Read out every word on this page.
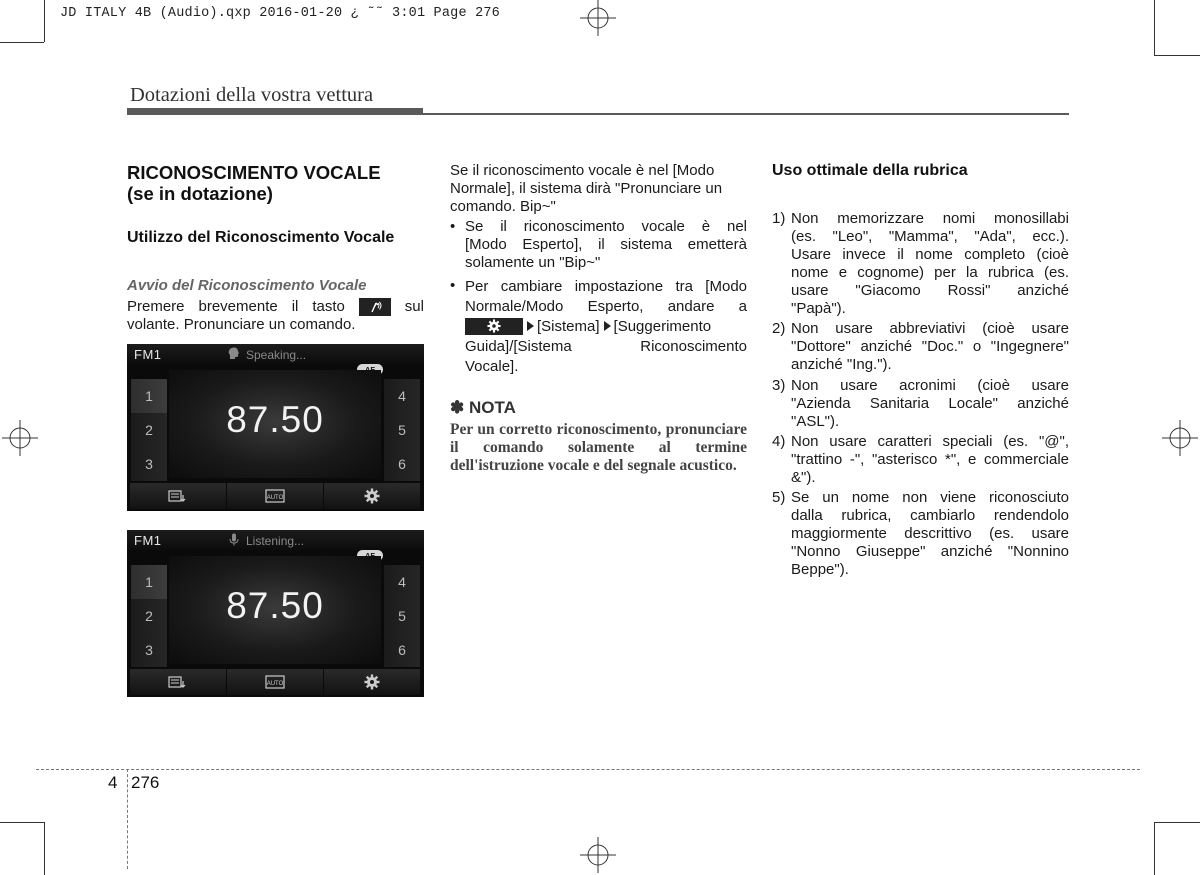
JD ITALY 4B (Audio).qxp 2016-01-20 ¿ ˜˜ 3:01 Page 276
Dotazioni della vostra vettura
RICONOSCIMENTO VOCALE
(se in dotazione)
Utilizzo del Riconoscimento Vocale
Avvio del Riconoscimento Vocale
Premere brevemente il tasto	sul
volante. Pronunciare un comando.
FM1	Speaking...
87.50
1
2
3
4
5
6
AUTO
FM1	Listening...
87.50
1
2
3
4
5
6
AUTO
Se il riconoscimento vocale è nel [Modo
Normale], il sistema dirà "Pronunciare un
comando. Bip~"
• Se il riconoscimento vocale è nel
[Modo Esperto], il sistema emetterà
solamente un "Bip~"
• Per cambiare impostazione tra [Modo
Normale/Modo Esperto, andare a
[Sistema] [Suggerimento
Guida]/[Sistema Riconoscimento
Vocale].
✽ NOTA
Per un corretto riconoscimento, pronunciare il comando solamente al termine dell'istruzione vocale e del segnale acustico.
Uso ottimale della rubrica
1) Non memorizzare nomi monosillabi
(es. "Leo", "Mamma", "Ada", ecc.).
Usare invece il nome completo (cioè
nome e cognome) per la rubrica (es.
usare "Giacomo Rossi" anziché
"Papà").
2) Non usare abbreviativi (cioè usare
"Dottore" anziché "Doc." o "Ingegnere"
anziché "Ing.").
3) Non usare acronimi (cioè usare
"Azienda Sanitaria Locale" anziché
"ASL").
4) Non usare caratteri speciali (es. "@",
"trattino -", "asterisco *", e commerciale
&").
5) Se un nome non viene riconosciuto
dalla rubrica, cambiarlo rendendolo
maggiormente descrittivo (es. usare
"Nonno Giuseppe" anziché "Nonnino
Beppe").
4 276
